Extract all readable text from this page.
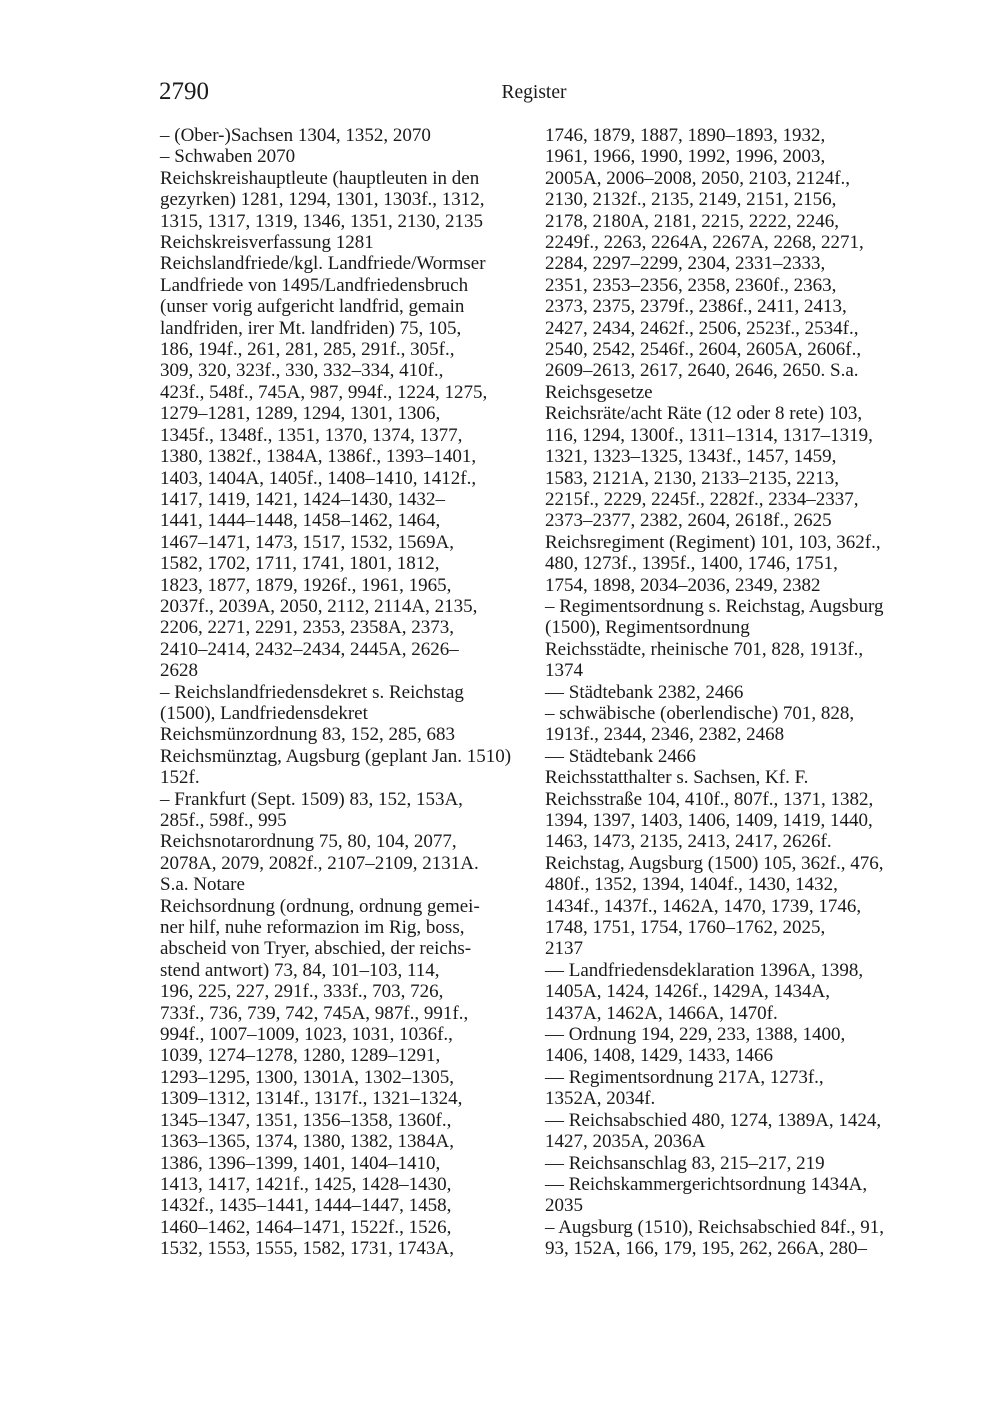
2790	Register

– (Ober-)Sachsen 1304, 1352, 2070

– Schwaben 2070

Reichskreishauptleute (hauptleuten in den
gezyrken) 1281, 1294, 1301, 1303f., 1312,
1315, 1317, 1319, 1346, 1351, 2130, 2135

Reichskreisverfassung 1281

Reichslandfriede/kgl. Landfriede/Wormser
Landfriede von 1495/Landfriedensbruch
(unser vorig aufgericht landfrid, gemain
landfriden, irer Mt. landfriden) 75, 105,
186, 194f., 261, 281, 285, 291f., 305f.,
309, 320, 323f., 330, 332–334, 410f.,
423f., 548f., 745A, 987, 994f., 1224, 1275,
1279–1281, 1289, 1294, 1301, 1306,
1345f., 1348f., 1351, 1370, 1374, 1377,
1380, 1382f., 1384A, 1386f., 1393–1401,
1403, 1404A, 1405f., 1408–1410, 1412f.,
1417, 1419, 1421, 1424–1430, 1432–
1441, 1444–1448, 1458–1462, 1464,
1467–1471, 1473, 1517, 1532, 1569A,
1582, 1702, 1711, 1741, 1801, 1812,
1823, 1877, 1879, 1926f., 1961, 1965,
2037f., 2039A, 2050, 2112, 2114A, 2135,
2206, 2271, 2291, 2353, 2358A, 2373,
2410–2414, 2432–2434, 2445A, 2626–
2628

– Reichslandfriedensdekret s. Reichstag
(1500), Landfriedensdekret

Reichsmünzordnung 83, 152, 285, 683

Reichsmünztag, Augsburg (geplant Jan. 1510)
152f.

– Frankfurt (Sept. 1509) 83, 152, 153A,
285f., 598f., 995

Reichsnotarordnung 75, 80, 104, 2077,
2078A, 2079, 2082f., 2107–2109, 2131A.
S.a. Notare

Reichsordnung (ordnung, ordnung gemei-
ner hilf, nuhe reformazion im Rig, boss,
abscheid von Tryer, abschied, der reichs-
stend antwort) 73, 84, 101–103, 114,
196, 225, 227, 291f., 333f., 703, 726,
733f., 736, 739, 742, 745A, 987f., 991f.,
994f., 1007–1009, 1023, 1031, 1036f.,
1039, 1274–1278, 1280, 1289–1291,
1293–1295, 1300, 1301A, 1302–1305,
1309–1312, 1314f., 1317f., 1321–1324,
1345–1347, 1351, 1356–1358, 1360f.,
1363–1365, 1374, 1380, 1382, 1384A,
1386, 1396–1399, 1401, 1404–1410,
1413, 1417, 1421f., 1425, 1428–1430,
1432f., 1435–1441, 1444–1447, 1458,
1460–1462, 1464–1471, 1522f., 1526,
1532, 1553, 1555, 1582, 1731, 1743A,

1746, 1879, 1887, 1890–1893, 1932,
1961, 1966, 1990, 1992, 1996, 2003,
2005A, 2006–2008, 2050, 2103, 2124f.,
2130, 2132f., 2135, 2149, 2151, 2156,
2178, 2180A, 2181, 2215, 2222, 2246,
2249f., 2263, 2264A, 2267A, 2268, 2271,
2284, 2297–2299, 2304, 2331–2333,
2351, 2353–2356, 2358, 2360f., 2363,
2373, 2375, 2379f., 2386f., 2411, 2413,
2427, 2434, 2462f., 2506, 2523f., 2534f.,
2540, 2542, 2546f., 2604, 2605A, 2606f.,
2609–2613, 2617, 2640, 2646, 2650. S.a.
Reichsgesetze

Reichsräte/acht Räte (12 oder 8 rete) 103,
116, 1294, 1300f., 1311–1314, 1317–1319,
1321, 1323–1325, 1343f., 1457, 1459,
1583, 2121A, 2130, 2133–2135, 2213,
2215f., 2229, 2245f., 2282f., 2334–2337,
2373–2377, 2382, 2604, 2618f., 2625

Reichsregiment (Regiment) 101, 103, 362f.,
480, 1273f., 1395f., 1400, 1746, 1751,
1754, 1898, 2034–2036, 2349, 2382

– Regimentsordnung s. Reichstag, Augsburg
(1500), Regimentsordnung

Reichsstädte, rheinische 701, 828, 1913f.,
1374

–– Städtebank 2382, 2466

– schwäbische (oberlendische) 701, 828,
1913f., 2344, 2346, 2382, 2468

–– Städtebank 2466

Reichsstatthalter s. Sachsen, Kf. F.

Reichsstraße 104, 410f., 807f., 1371, 1382,
1394, 1397, 1403, 1406, 1409, 1419, 1440,
1463, 1473, 2135, 2413, 2417, 2626f.

Reichstag, Augsburg (1500) 105, 362f., 476,
480f., 1352, 1394, 1404f., 1430, 1432,
1434f., 1437f., 1462A, 1470, 1739, 1746,
1748, 1751, 1754, 1760–1762, 2025,
2137

–– Landfriedensdeklaration 1396A, 1398,
1405A, 1424, 1426f., 1429A, 1434A,
1437A, 1462A, 1466A, 1470f.

–– Ordnung 194, 229, 233, 1388, 1400,
1406, 1408, 1429, 1433, 1466

–– Regimentsordnung 217A, 1273f.,
1352A, 2034f.

–– Reichsabschied 480, 1274, 1389A, 1424,
1427, 2035A, 2036A

–– Reichsanschlag 83, 215–217, 219

–– Reichskammergerichtsordnung 1434A,
2035

– Augsburg (1510), Reichsabschied 84f., 91,
93, 152A, 166, 179, 195, 262, 266A, 280–
